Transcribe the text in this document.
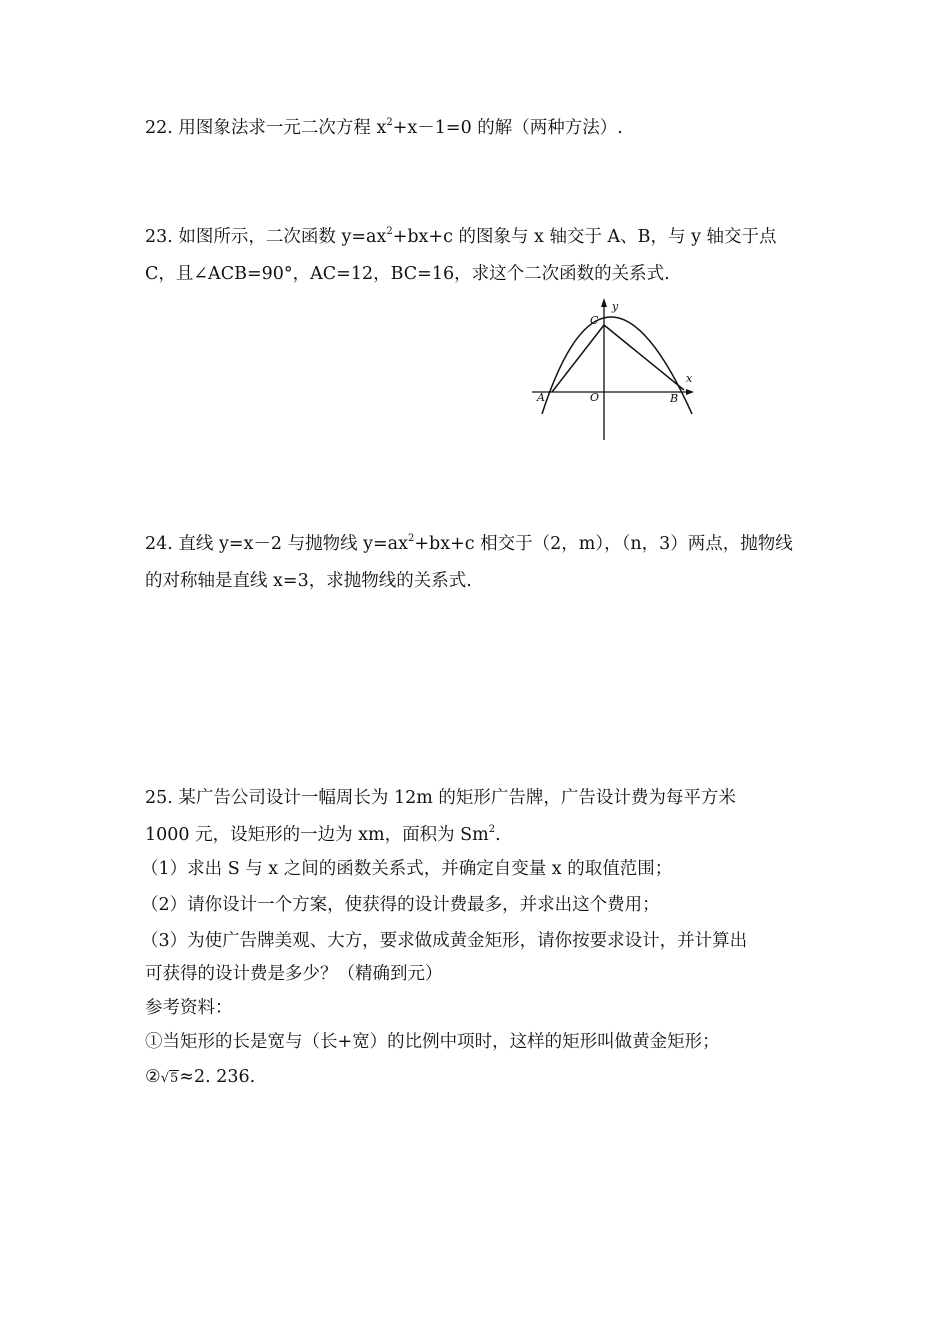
22. 用图象法求一元二次方程 $x^2+x-1=0$ 的解（两种方法）.
23. 如图所示，二次函数 $y=ax^2+bx+c$ 的图象与 x 轴交于 A、B，与 y 轴交于点
C，且∠ACB=90°，AC=12，BC=16，求这个二次函数的关系式.
y
x
C
A	O	B
24. 直线 y=x－2 与抛物线 $y=ax^2+bx+c$ 相交于（2，m），（n，3）两点，抛物线
的对称轴是直线 x=3，求抛物线的关系式.
25. 某广告公司设计一幅周长为 12m 的矩形广告牌，广告设计费为每平方米
1000 元，设矩形的一边为 xm，面积为 Sm$^2$.
（1）求出 S 与 x 之间的函数关系式，并确定自变量 x 的取值范围；
（2）请你设计一个方案，使获得的设计费最多，并求出这个费用；
（3）为使广告牌美观、大方，要求做成黄金矩形，请你按要求设计，并计算出
可获得的设计费是多少？（精确到元）
参考资料：
①当矩形的长是宽与（长+宽）的比例中项时，这样的矩形叫做黄金矩形；
②√5≈2. 236.
